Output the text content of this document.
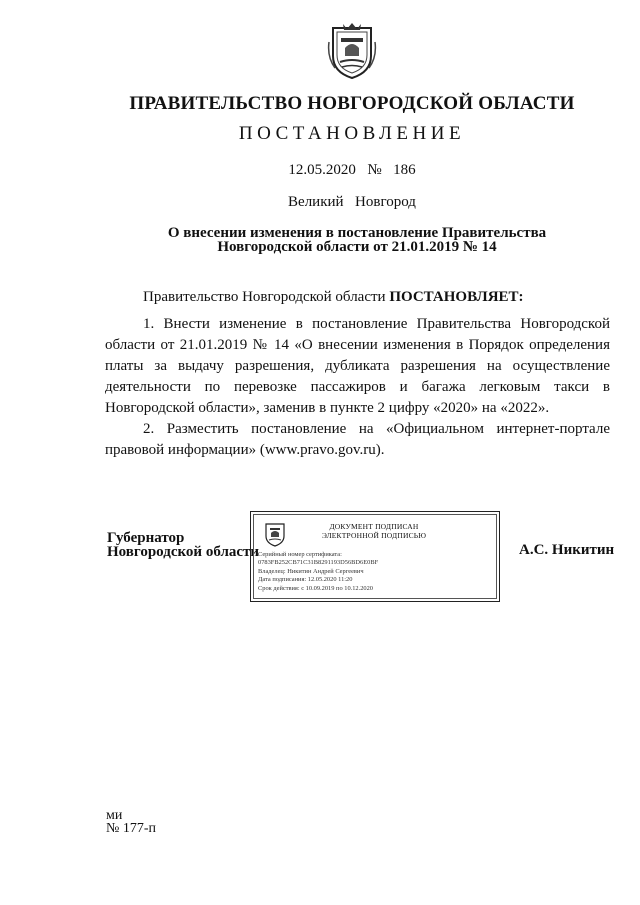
ПРАВИТЕЛЬСТВО НОВГОРОДСКОЙ ОБЛАСТИ
ПОСТАНОВЛЕНИЕ
12.05.2020  №  186
Великий  Новгород
О внесении изменения в постановление Правительства
Новгородской области от 21.01.2019 № 14
Правительство Новгородской области ПОСТАНОВЛЯЕТ:

1. Внести изменение в постановление Правительства Новгородской области от 21.01.2019 № 14 «О внесении изменения в Порядок определения платы за выдачу разрешения, дубликата разрешения на осуществление деятельности по перевозке пассажиров и багажа легковым такси в Новгородской области», заменив в пункте 2 цифру «2020» на «2022».

2. Разместить постановление на «Официальном интернет-портале правовой информации» (www.pravo.gov.ru).

Губернатор
Новгородской области
ДОКУМЕНТ ПОДПИСАН
ЭЛЕКТРОННОЙ ПОДПИСЬЮ
Серийный номер сертификата:
0783FB252CB71C31B8291193D56BD6E0BF
Владелец: Никитин Андрей Сергеевич
Дата подписания: 12.05.2020 11:20
Срок действия: с 10.09.2019 по 10.12.2020
А.С. Никитин
ми
№ 177-п
